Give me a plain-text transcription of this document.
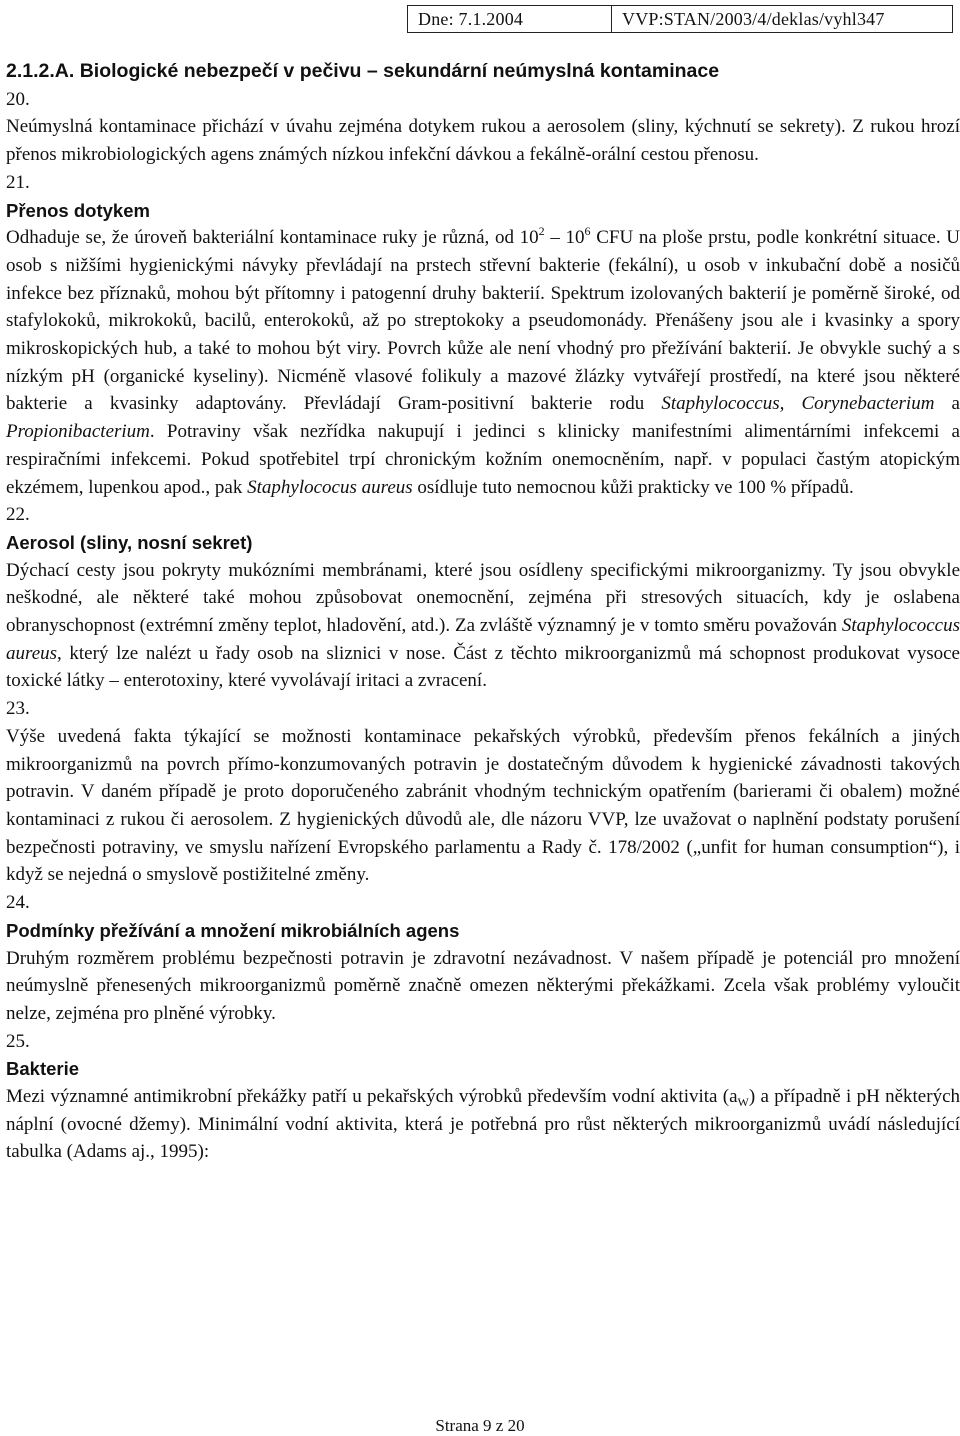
Dne: 7.1.2004	VVP:STAN/2003/4/deklas/vyhl347

2.1.2.A. Biologické nebezpečí v pečivu – sekundární neúmyslná kontaminace

20.

Neúmyslná kontaminace přichází v úvahu zejména dotykem rukou a aerosolem (sliny, kýchnutí se sekrety). Z rukou hrozí přenos mikrobiologických agens známých nízkou infekční dávkou a fekálně-orální cestou přenosu.

21.

Přenos dotykem

Odhaduje se, že úroveň bakteriální kontaminace ruky je různá, od $10^2 - 10^6$ CFU na ploše prstu, podle konkrétní situace. U osob s nižšími hygienickými návyky převládají na prstech střevní bakterie (fekální), u osob v inkubační době a nosičů infekce bez příznaků, mohou být přítomny i patogenní druhy bakterií. Spektrum izolovaných bakterií je poměrně široké, od stafylokoků, mikrokoků, bacilů, enterokoků, až po streptokoky a pseudomonády. Přenášeny jsou ale i kvasinky a spory mikroskopických hub, a také to mohou být viry. Povrch kůže ale není vhodný pro přežívání bakterií. Je obvykle suchý a s nízkým pH (organické kyseliny). Nicméně vlasové folikuly a mazové žlázky vytvářejí prostředí, na které jsou některé bakterie a kvasinky adaptovány. Převládají Gram-positivní bakterie rodu Staphylococcus, Corynebacterium a Propionibacterium. Potraviny však nezřídka nakupují i jedinci s klinicky manifestními alimentárními infekcemi a respiračními infekcemi. Pokud spotřebitel trpí chronickým kožním onemocněním, např. v populaci častým atopickým ekzémem, lupenkou apod., pak Staphylococus aureus osídluje tuto nemocnou kůži prakticky ve 100 % případů.

22.

Aerosol (sliny, nosní sekret)

Dýchací cesty jsou pokryty mukózními membránami, které jsou osídleny specifickými mikroorganizmy. Ty jsou obvykle neškodné, ale některé také mohou způsobovat onemocnění, zejména při stresových situacích, kdy je oslabena obranyschopnost (extrémní změny teplot, hladovění, atd.). Za zvláště významný je v tomto směru považován Staphylococcus aureus, který lze nalézt u řady osob na sliznici v nose. Část z těchto mikroorganizmů má schopnost produkovat vysoce toxické látky – enterotoxiny, které vyvolávají iritaci a zvracení.

23.

Výše uvedená fakta týkající se možnosti kontaminace pekařských výrobků, především přenos fekálních a jiných mikroorganizmů na povrch přímo-konzumovaných potravin je dostatečným důvodem k hygienické závadnosti takových potravin. V daném případě je proto doporučeného zabránit vhodným technickým opatřením (barierami či obalem) možné kontaminaci z rukou či aerosolem. Z hygienických důvodů ale, dle názoru VVP, lze uvažovat o naplnění podstaty porušení bezpečnosti potraviny, ve smyslu nařízení Evropského parlamentu a Rady č. 178/2002 („unfit for human consumption“), i když se nejedná o smyslově postižitelné změny.

24.

Podmínky přežívání a množení mikrobiálních agens

Druhým rozměrem problému bezpečnosti potravin je zdravotní nezávadnost. V našem případě je potenciál pro množení neúmyslně přenesených mikroorganizmů poměrně značně omezen některými překážkami. Zcela však problémy vyloučit nelze, zejména pro plněné výrobky.

25.

Bakterie

Mezi významné antimikrobní překážky patří u pekařských výrobků především vodní aktivita $(a_W)$ a případně i pH některých náplní (ovocné džemy). Minimální vodní aktivita, která je potřebná pro růst některých mikroorganizmů uvádí následující tabulka (Adams aj., 1995):

Strana 9 z 20
